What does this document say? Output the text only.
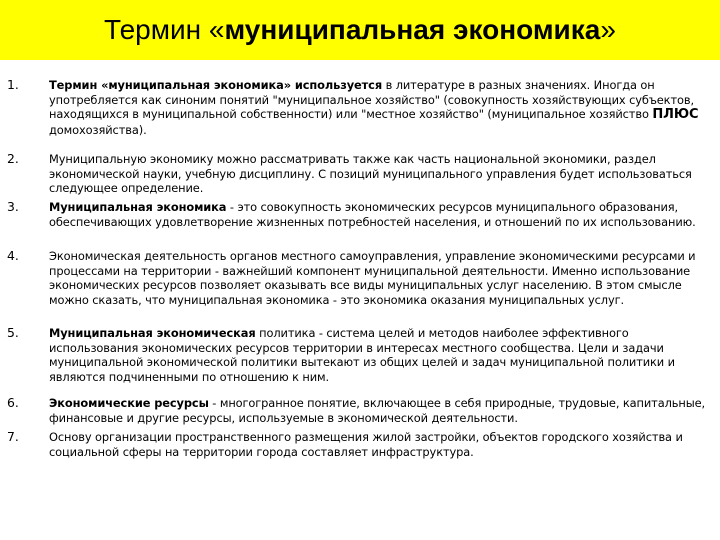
Термин «муниципальная экономика»
1.	Термин «муниципальная экономика» используется в литературе в разных значениях. Иногда он употребляется как синоним понятий "муниципальное хозяйство" (совокупность хозяйствующих субъектов, находящихся в муниципальной собственности) или "местное хозяйство" (муниципальное хозяйство ПЛЮС домохозяйства).
2.	Муниципальную экономику можно рассматривать также как часть национальной экономики, раздел экономической науки, учебную дисциплину. С позиций муниципального управления будет использоваться следующее определение.
3.	Муниципальная экономика - это совокупность экономических ресурсов муниципального образования, обеспечивающих удовлетворение жизненных потребностей населения, и отношений по их использованию.
4.	Экономическая деятельность органов местного самоуправления, управление экономическими ресурсами и процессами на территории - важнейший компонент муниципальной деятельности. Именно использование экономических ресурсов позволяет оказывать все виды муниципальных услуг населению. В этом смысле можно сказать, что муниципальная экономика - это экономика оказания муниципальных услуг.
5.	Муниципальная экономическая политика - система целей и методов наиболее эффективного использования экономических ресурсов территории в интересах местного сообщества. Цели и задачи муниципальной экономической политики вытекают из общих целей и задач муниципальной политики и являются подчиненными по отношению к ним.
6.	Экономические ресурсы - многогранное понятие, включающее в себя природные, трудовые, капитальные, финансовые и другие ресурсы, используемые в экономической деятельности.
7.	Основу организации пространственного размещения жилой застройки, объектов городского хозяйства и социальной сферы на территории города составляет инфраструктура.
